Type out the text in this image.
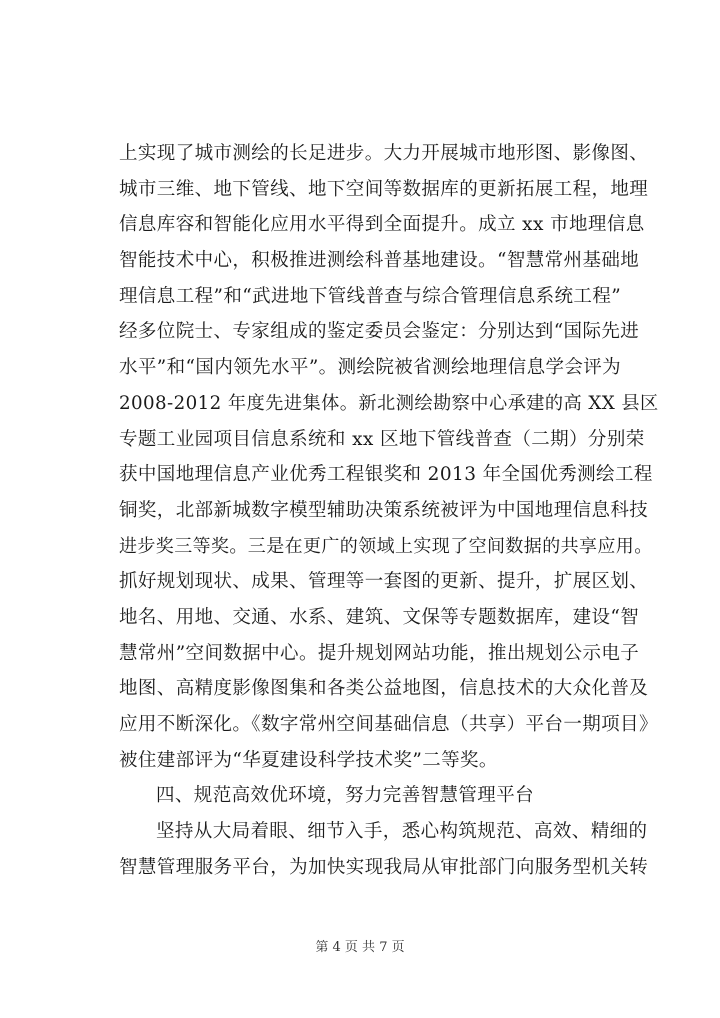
上实现了城市测绘的长足进步。大力开展城市地形图、影像图、
城市三维、地下管线、地下空间等数据库的更新拓展工程，地理
信息库容和智能化应用水平得到全面提升。成立 xx 市地理信息
智能技术中心，积极推进测绘科普基地建设。“智慧常州基础地
理信息工程”和“武进地下管线普查与综合管理信息系统工程”
经多位院士、专家组成的鉴定委员会鉴定：分别达到“国际先进
水平”和“国内领先水平”。测绘院被省测绘地理信息学会评为
2008-2012 年度先进集体。新北测绘勘察中心承建的高 XX 县区
专题工业园项目信息系统和 xx 区地下管线普查（二期）分别荣
获中国地理信息产业优秀工程银奖和 2013 年全国优秀测绘工程
铜奖，北部新城数字模型辅助决策系统被评为中国地理信息科技
进步奖三等奖。三是在更广的领域上实现了空间数据的共享应用。
抓好规划现状、成果、管理等一套图的更新、提升，扩展区划、
地名、用地、交通、水系、建筑、文保等专题数据库，建设“智
慧常州”空间数据中心。提升规划网站功能，推出规划公示电子
地图、高精度影像图集和各类公益地图，信息技术的大众化普及
应用不断深化。《数字常州空间基础信息（共享）平台一期项目》
被住建部评为“华夏建设科学技术奖”二等奖。
四、规范高效优环境，努力完善智慧管理平台
坚持从大局着眼、细节入手，悉心构筑规范、高效、精细的
智慧管理服务平台，为加快实现我局从审批部门向服务型机关转
第 4 页 共 7 页
